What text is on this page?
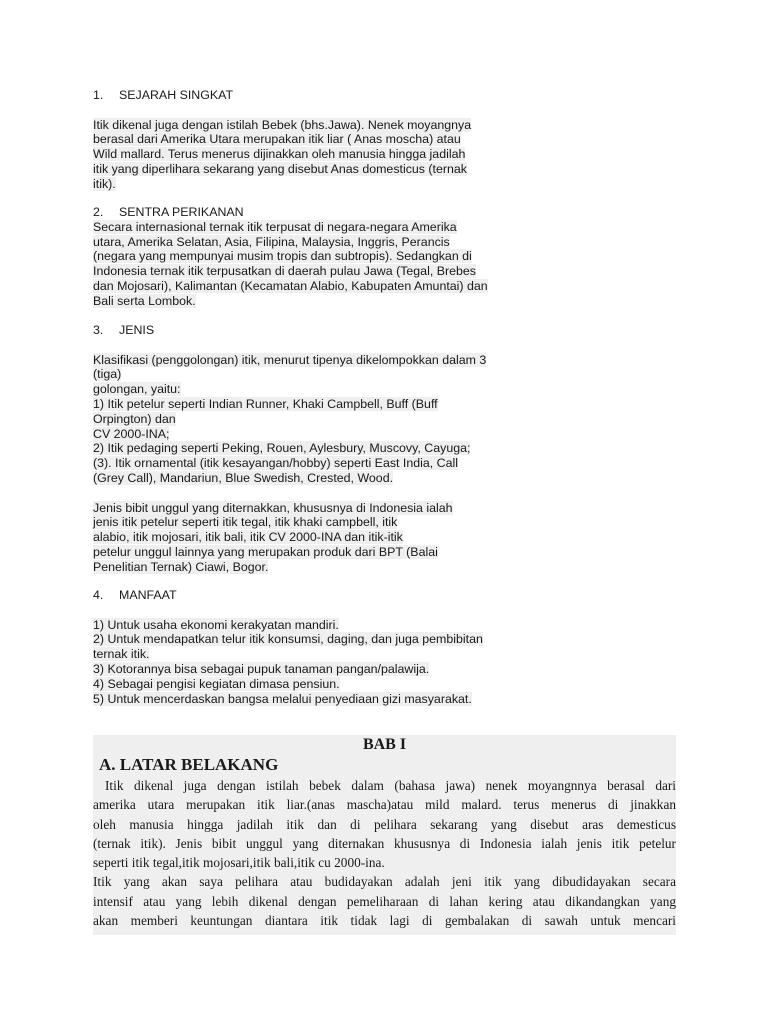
1. SEJARAH SINGKAT
Itik dikenal juga dengan istilah Bebek (bhs.Jawa). Nenek moyangnya
berasal dari Amerika Utara merupakan itik liar ( Anas moscha) atau
Wild mallard. Terus menerus dijinakkan oleh manusia hingga jadilah
itik yang diperlihara sekarang yang disebut Anas domesticus (ternak
itik).
2. SENTRA PERIKANAN
Secara internasional ternak itik terpusat di negara-negara Amerika
utara, Amerika Selatan, Asia, Filipina, Malaysia, Inggris, Perancis
(negara yang mempunyai musim tropis dan subtropis). Sedangkan di
Indonesia ternak itik terpusatkan di daerah pulau Jawa (Tegal, Brebes
dan Mojosari), Kalimantan (Kecamatan Alabio, Kabupaten Amuntai) dan
Bali serta Lombok.
3. JENIS
Klasifikasi (penggolongan) itik, menurut tipenya dikelompokkan dalam 3
(tiga)
golongan, yaitu:
1) Itik petelur seperti Indian Runner, Khaki Campbell, Buff (Buff
Orpington) dan
CV 2000-INA;
2) Itik pedaging seperti Peking, Rouen, Aylesbury, Muscovy, Cayuga;
(3). Itik ornamental (itik kesayangan/hobby) seperti East India, Call
(Grey Call), Mandariun, Blue Swedish, Crested, Wood.
Jenis bibit unggul yang diternakkan, khususnya di Indonesia ialah
jenis itik petelur seperti itik tegal, itik khaki campbell, itik
alabio, itik mojosari, itik bali, itik CV 2000-INA dan itik-itik
petelur unggul lainnya yang merupakan produk dari BPT (Balai
Penelitian Ternak) Ciawi, Bogor.
4. MANFAAT
1) Untuk usaha ekonomi kerakyatan mandiri.
2) Untuk mendapatkan telur itik konsumsi, daging, dan juga pembibitan
ternak itik.
3) Kotorannya bisa sebagai pupuk tanaman pangan/palawija.
4) Sebagai pengisi kegiatan dimasa pensiun.
5) Untuk mencerdaskan bangsa melalui penyediaan gizi masyarakat.
BAB I
A. LATAR BELAKANG
Itik dikenal juga dengan istilah bebek dalam (bahasa jawa) nenek moyangnnya berasal dari
amerika utara merupakan itik liar.(anas mascha)atau mild malard. terus menerus di jinakkan
oleh manusia hingga jadilah itik dan di pelihara sekarang yang disebut aras demesticus
(ternak itik). Jenis bibit unggul yang diternakan khususnya di Indonesia ialah jenis itik petelur
seperti itik tegal,itik mojosari,itik bali,itik cu 2000-ina.
Itik yang akan saya pelihara atau budidayakan adalah jeni itik yang dibudidayakan secara
intensif atau yang lebih dikenal dengan pemeliharaan di lahan kering atau dikandangkan yang
akan memberi keuntungan diantara itik tidak lagi di gembalakan di sawah untuk mencari
